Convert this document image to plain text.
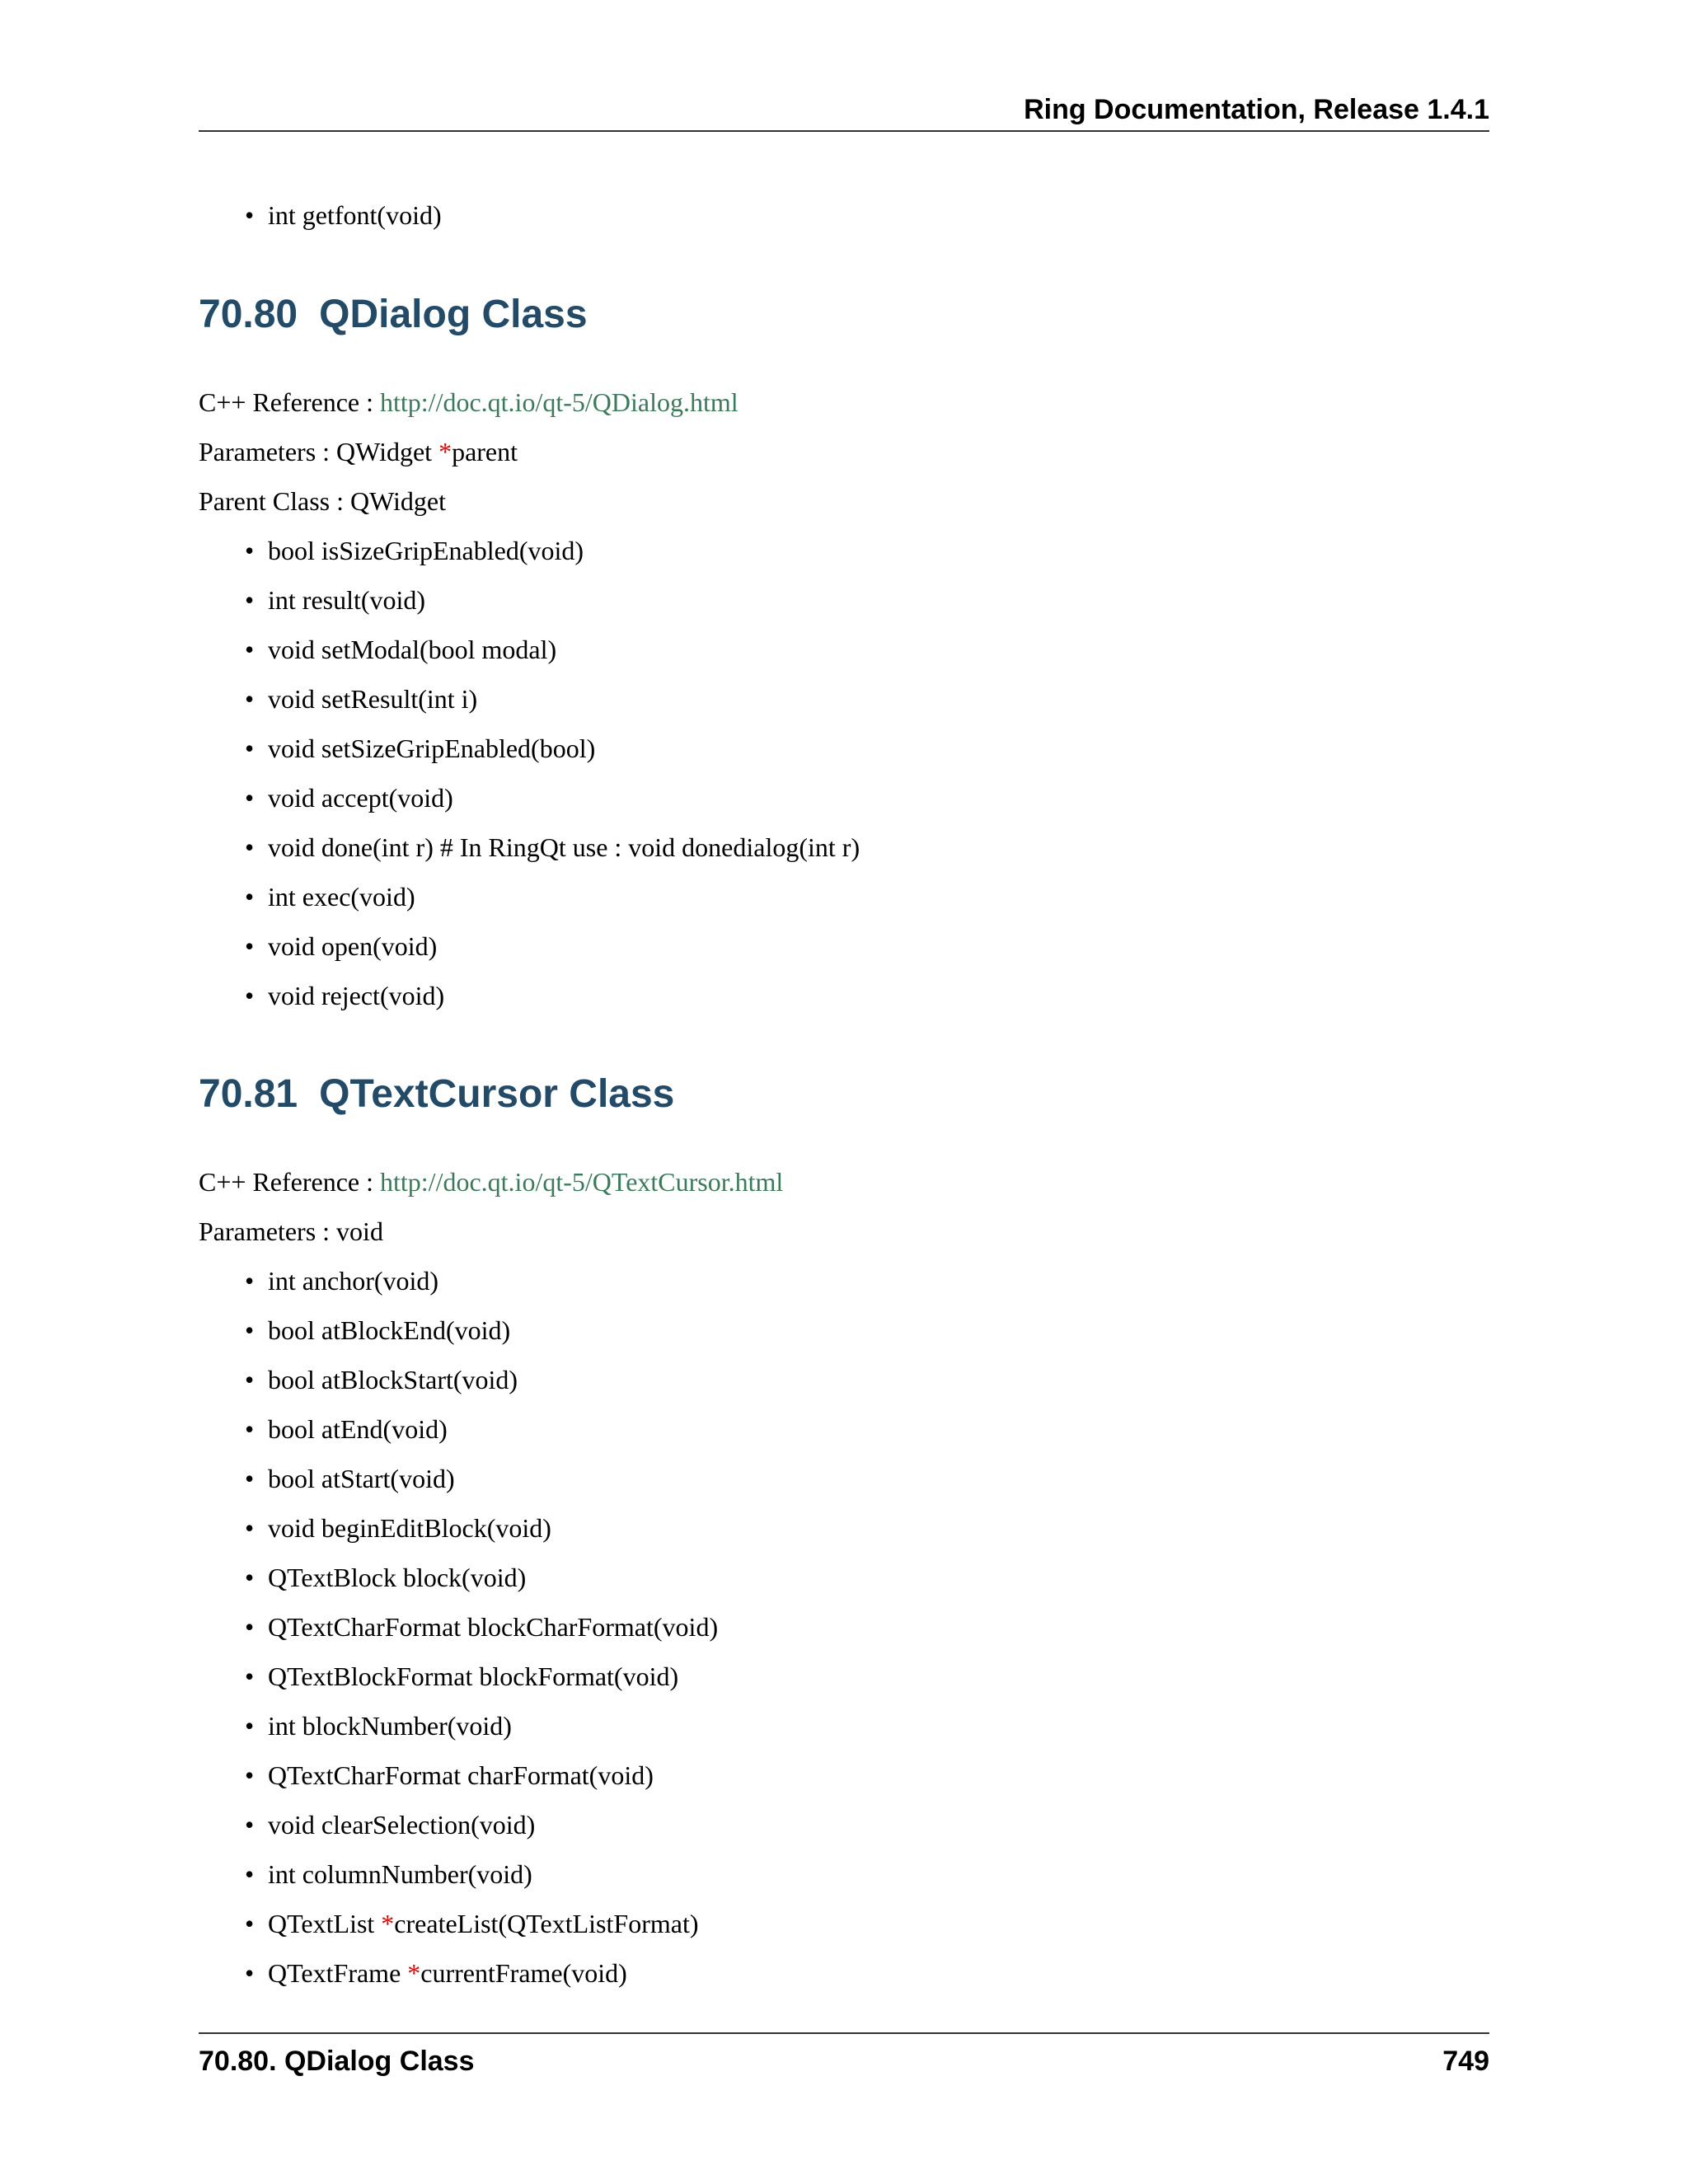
Ring Documentation, Release 1.4.1
• int getfont(void)
70.80 QDialog Class

C++ Reference : http://doc.qt.io/qt-5/QDialog.html

Parameters : QWidget *parent

Parent Class : QWidget

• bool isSizeGripEnabled(void)
• int result(void)
• void setModal(bool modal)
• void setResult(int i)
• void setSizeGripEnabled(bool)
• void accept(void)
• void done(int r) # In RingQt use : void donedialog(int r)
• int exec(void)
• void open(void)
• void reject(void)
70.81 QTextCursor Class

C++ Reference : http://doc.qt.io/qt-5/QTextCursor.html

Parameters : void

• int anchor(void)
• bool atBlockEnd(void)
• bool atBlockStart(void)
• bool atEnd(void)
• bool atStart(void)
• void beginEditBlock(void)
• QTextBlock block(void)
• QTextCharFormat blockCharFormat(void)
• QTextBlockFormat blockFormat(void)
• int blockNumber(void)
• QTextCharFormat charFormat(void)
• void clearSelection(void)
• int columnNumber(void)
• QTextList *createList(QTextListFormat)
• QTextFrame *currentFrame(void)
70.80. QDialog Class	749
